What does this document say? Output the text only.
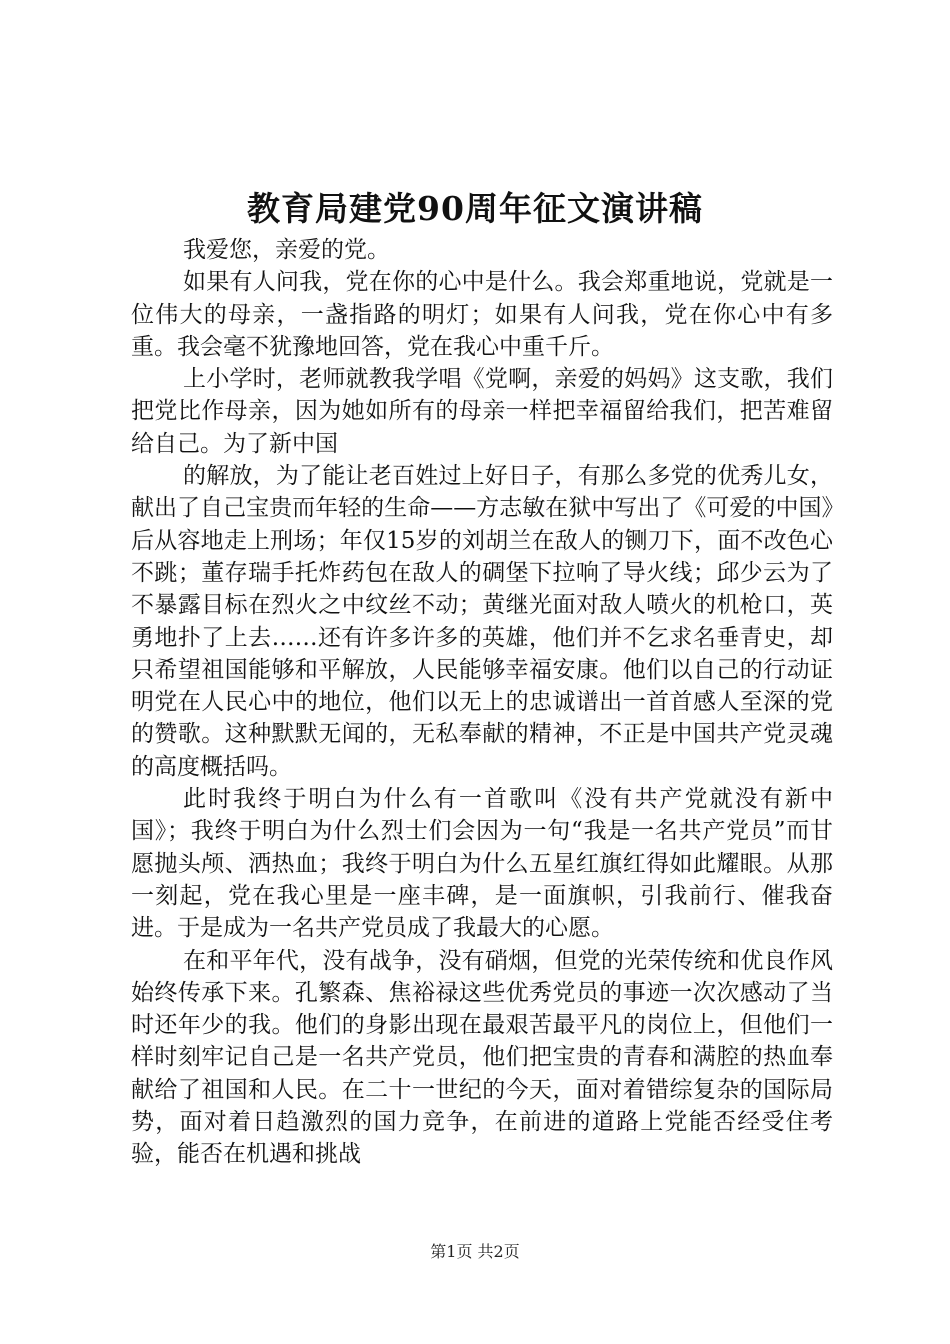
教育局建党90周年征文演讲稿

我爱您，亲爱的党。

如果有人问我，党在你的心中是什么。我会郑重地说，党就是一位伟大的母亲，一盏指路的明灯；如果有人问我，党在你心中有多重。我会毫不犹豫地回答，党在我心中重千斤。

上小学时，老师就教我学唱《党啊，亲爱的妈妈》这支歌，我们把党比作母亲，因为她如所有的母亲一样把幸福留给我们，把苦难留给自己。为了新中国

的解放，为了能让老百姓过上好日子，有那么多党的优秀儿女，献出了自己宝贵而年轻的生命——方志敏在狱中写出了《可爱的中国》后从容地走上刑场；年仅15岁的刘胡兰在敌人的铡刀下，面不改色心不跳；董存瑞手托炸药包在敌人的碉堡下拉响了导火线；邱少云为了不暴露目标在烈火之中纹丝不动；黄继光面对敌人喷火的机枪口，英勇地扑了上去……还有许多许多的英雄，他们并不乞求名垂青史，却只希望祖国能够和平解放，人民能够幸福安康。他们以自己的行动证明党在人民心中的地位，他们以无上的忠诚谱出一首首感人至深的党的赞歌。这种默默无闻的，无私奉献的精神，不正是中国共产党灵魂的高度概括吗。

此时我终于明白为什么有一首歌叫《没有共产党就没有新中国》；我终于明白为什么烈士们会因为一句“我是一名共产党员”而甘愿抛头颅、洒热血；我终于明白为什么五星红旗红得如此耀眼。从那一刻起，党在我心里是一座丰碑，是一面旗帜，引我前行、催我奋进。于是成为一名共产党员成了我最大的心愿。

在和平年代，没有战争，没有硝烟，但党的光荣传统和优良作风始终传承下来。孔繁森、焦裕禄这些优秀党员的事迹一次次感动了当时还年少的我。他们的身影出现在最艰苦最平凡的岗位上，但他们一样时刻牢记自己是一名共产党员，他们把宝贵的青春和满腔的热血奉献给了祖国和人民。在二十一世纪的今天，面对着错综复杂的国际局势，面对着日趋激烈的国力竞争，在前进的道路上党能否经受住考验，能否在机遇和挑战

第1页 共2页
